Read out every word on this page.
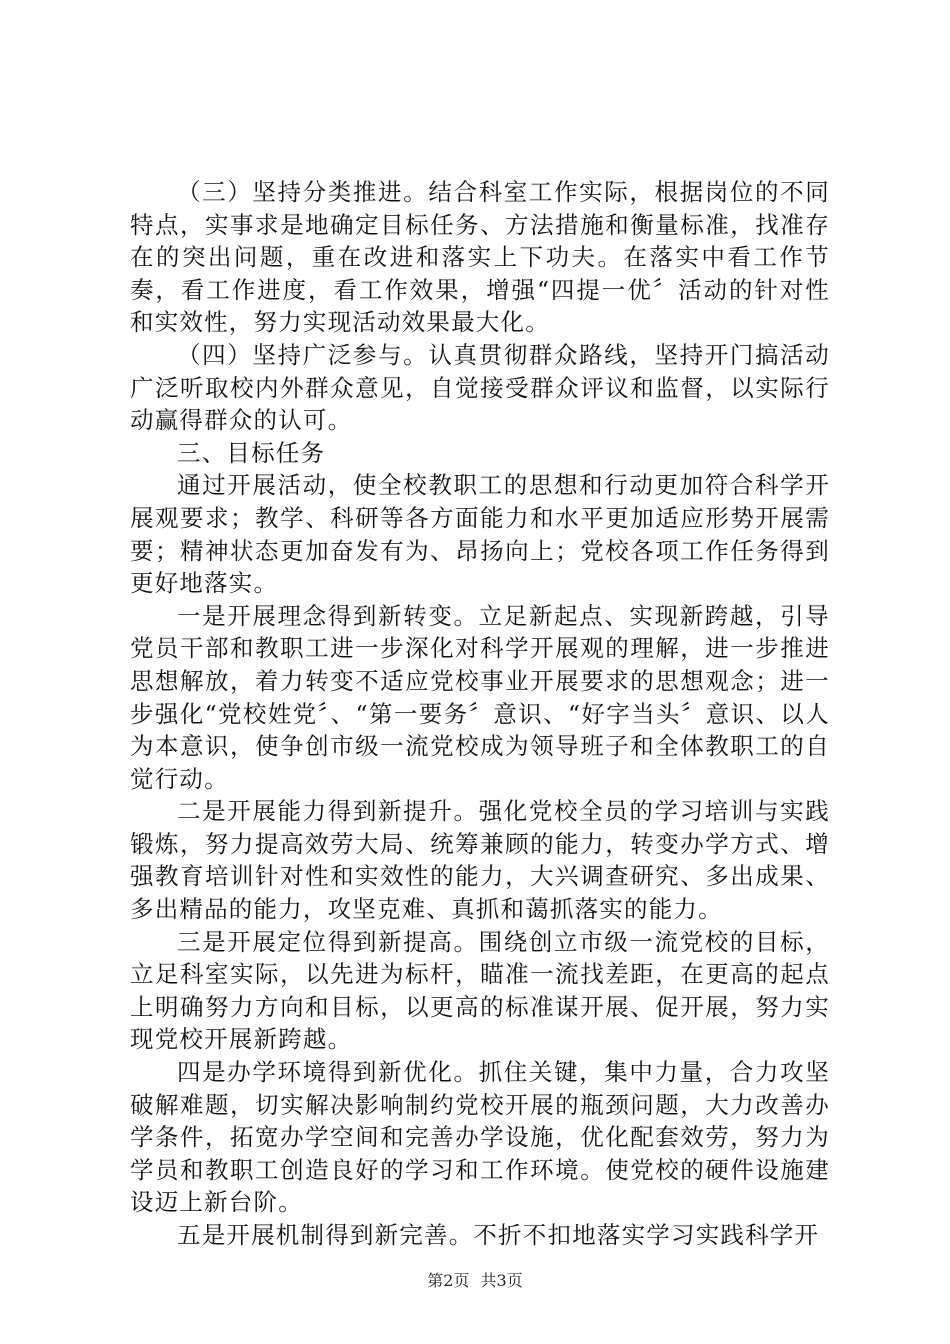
（三）坚持分类推进。结合科室工作实际，根据岗位的不同特点，实事求是地确定目标任务、方法措施和衡量标准，找准存在的突出问题，重在改进和落实上下功夫。在落实中看工作节奏，看工作进度，看工作效果，增强“四提一优〞活动的针对性和实效性，努力实现活动效果最大化。

（四）坚持广泛参与。认真贯彻群众路线，坚持开门搞活动广泛听取校内外群众意见，自觉接受群众评议和监督，以实际行动赢得群众的认可。

三、目标任务

通过开展活动，使全校教职工的思想和行动更加符合科学开展观要求；教学、科研等各方面能力和水平更加适应形势开展需要；精神状态更加奋发有为、昂扬向上；党校各项工作任务得到更好地落实。

一是开展理念得到新转变。立足新起点、实现新跨越，引导党员干部和教职工进一步深化对科学开展观的理解，进一步推进思想解放，着力转变不适应党校事业开展要求的思想观念；进一步强化“党校姓党〞、“第一要务〞意识、“好字当头〞意识、以人为本意识，使争创市级一流党校成为领导班子和全体教职工的自觉行动。

二是开展能力得到新提升。强化党校全员的学习培训与实践锻炼，努力提高效劳大局、统筹兼顾的能力，转变办学方式、增强教育培训针对性和实效性的能力，大兴调查研究、多出成果、多出精品的能力，攻坚克难、真抓和蔼抓落实的能力。

三是开展定位得到新提高。围绕创立市级一流党校的目标，立足科室实际，以先进为标杆，瞄准一流找差距，在更高的起点上明确努力方向和目标，以更高的标准谋开展、促开展，努力实现党校开展新跨越。

四是办学环境得到新优化。抓住关键，集中力量，合力攻坚破解难题，切实解决影响制约党校开展的瓶颈问题，大力改善办学条件，拓宽办学空间和完善办学设施，优化配套效劳，努力为学员和教职工创造良好的学习和工作环境。使党校的硬件设施建设迈上新台阶。

五是开展机制得到新完善。不折不扣地落实学习实践科学开

第2页 共3页
